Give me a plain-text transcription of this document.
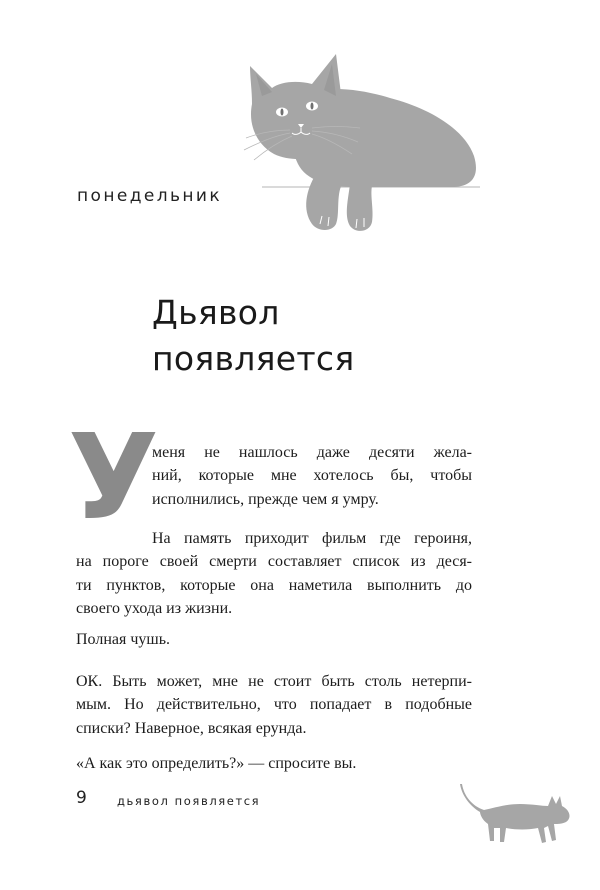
понедельник
Дьявол
появляется
У
меня не нашлось даже десяти жела-
ний, которые мне хотелось бы, чтобы
исполнились, прежде чем я умру.
На память приходит фильм где героиня,
на пороге своей смерти составляет список из деся-
ти пунктов, которые она наметила выполнить до
своего ухода из жизни.
Полная чушь.
ОК. Быть может, мне не стоит быть столь нетерпи-
мым. Но действительно, что попадает в подобные
списки? Наверное, всякая ерунда.
«А как это определить?» — спросите вы.
9	дьявол появляется
